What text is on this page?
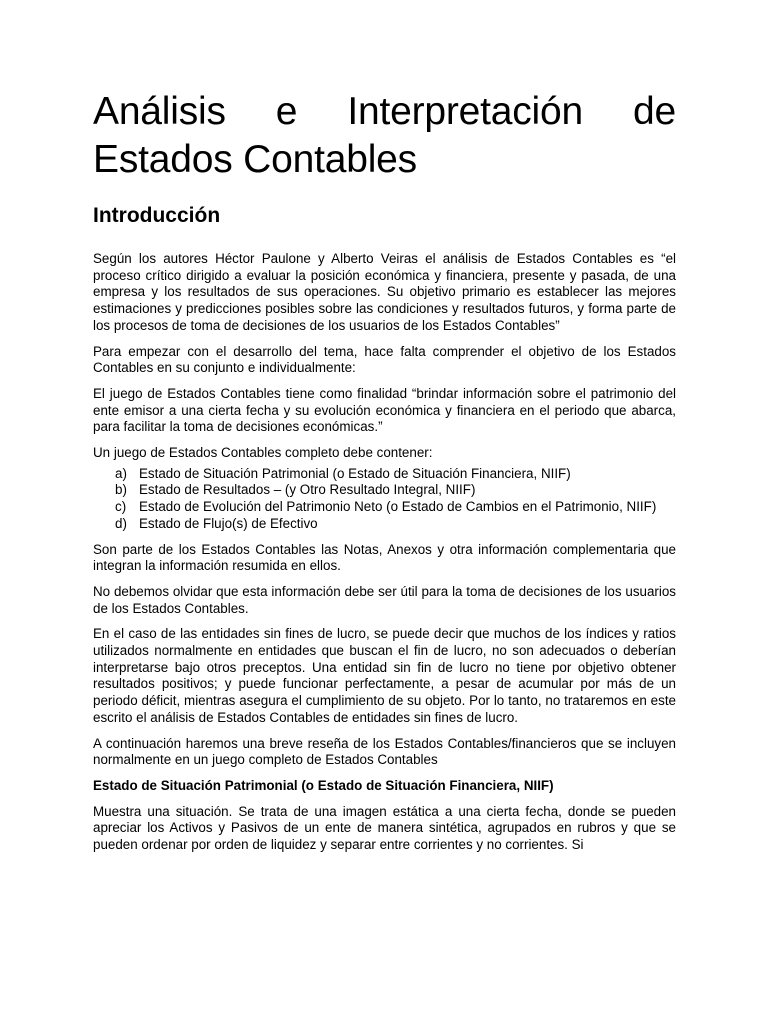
Análisis e Interpretación de Estados Contables
Introducción

Según los autores Héctor Paulone y Alberto Veiras el análisis de Estados Contables es “el proceso crítico dirigido a evaluar la posición económica y financiera, presente y pasada, de una empresa y los resultados de sus operaciones. Su objetivo primario es establecer las mejores estimaciones y predicciones posibles sobre las condiciones y resultados futuros, y forma parte de los procesos de toma de decisiones de los usuarios de los Estados Contables”

Para empezar con el desarrollo del tema, hace falta comprender el objetivo de los Estados Contables en su conjunto e individualmente:

El juego de Estados Contables tiene como finalidad “brindar información sobre el patrimonio del ente emisor a una cierta fecha y su evolución económica y financiera en el periodo que abarca, para facilitar la toma de decisiones económicas.”

Un juego de Estados Contables completo debe contener:

a) Estado de Situación Patrimonial (o Estado de Situación Financiera, NIIF)
b) Estado de Resultados – (y Otro Resultado Integral, NIIF)
c) Estado de Evolución del Patrimonio Neto (o Estado de Cambios en el Patrimonio, NIIF)
d) Estado de Flujo(s) de Efectivo

Son parte de los Estados Contables las Notas, Anexos y otra información complementaria que integran la información resumida en ellos.

No debemos olvidar que esta información debe ser útil para la toma de decisiones de los usuarios de los Estados Contables.

En el caso de las entidades sin fines de lucro, se puede decir que muchos de los índices y ratios utilizados normalmente en entidades que buscan el fin de lucro, no son adecuados o deberían interpretarse bajo otros preceptos. Una entidad sin fin de lucro no tiene por objetivo obtener resultados positivos; y puede funcionar perfectamente, a pesar de acumular por más de un periodo déficit, mientras asegura el cumplimiento de su objeto. Por lo tanto, no trataremos en este escrito el análisis de Estados Contables de entidades sin fines de lucro.

A continuación haremos una breve reseña de los Estados Contables/financieros que se incluyen normalmente en un juego completo de Estados Contables

Estado de Situación Patrimonial (o Estado de Situación Financiera, NIIF)

Muestra una situación. Se trata de una imagen estática a una cierta fecha, donde se pueden apreciar los Activos y Pasivos de un ente de manera sintética, agrupados en rubros y que se pueden ordenar por orden de liquidez y separar entre corrientes y no corrientes. Si
